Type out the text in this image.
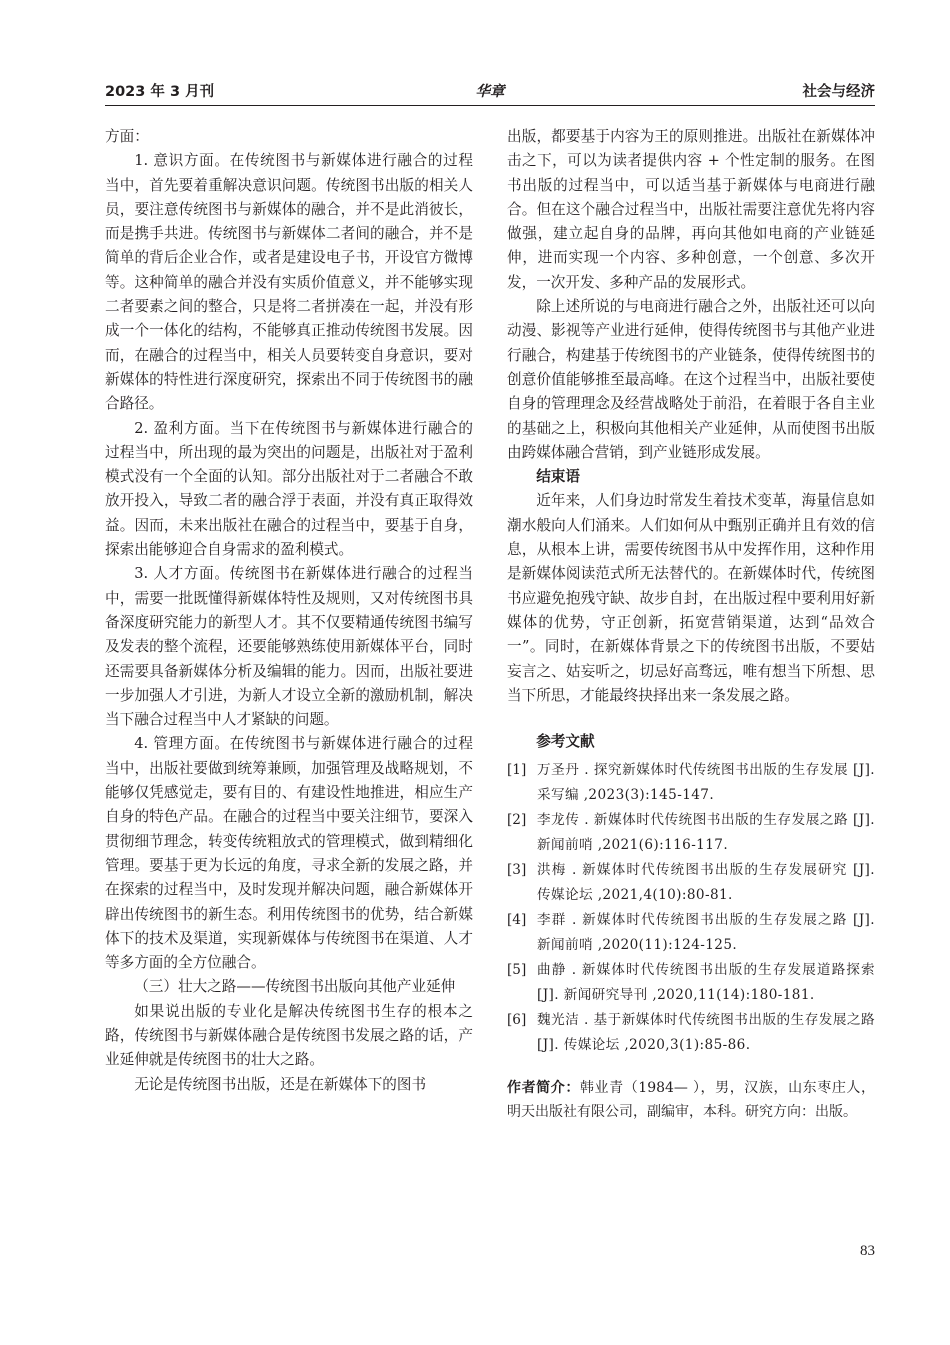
2023 年 3 月刊	华章	社会与经济

方面：

1. 意识方面。在传统图书与新媒体进行融合的过程当中，首先要着重解决意识问题。传统图书出版的相关人员，要注意传统图书与新媒体的融合，并不是此消彼长，而是携手共进。传统图书与新媒体二者间的融合，并不是简单的背后企业合作，或者是建设电子书，开设官方微博等。这种简单的融合并没有实质价值意义，并不能够实现二者要素之间的整合，只是将二者拼凑在一起，并没有形成一个一体化的结构，不能够真正推动传统图书发展。因而，在融合的过程当中，相关人员要转变自身意识，要对新媒体的特性进行深度研究，探索出不同于传统图书的融合路径。

2. 盈利方面。当下在传统图书与新媒体进行融合的过程当中，所出现的最为突出的问题是，出版社对于盈利模式没有一个全面的认知。部分出版社对于二者融合不敢放开投入，导致二者的融合浮于表面，并没有真正取得效益。因而，未来出版社在融合的过程当中，要基于自身，探索出能够迎合自身需求的盈利模式。

3. 人才方面。传统图书在新媒体进行融合的过程当中，需要一批既懂得新媒体特性及规则，又对传统图书具备深度研究能力的新型人才。其不仅要精通传统图书编写及发表的整个流程，还要能够熟练使用新媒体平台，同时还需要具备新媒体分析及编辑的能力。因而，出版社要进一步加强人才引进，为新人才设立全新的激励机制，解决当下融合过程当中人才紧缺的问题。

4. 管理方面。在传统图书与新媒体进行融合的过程当中，出版社要做到统筹兼顾，加强管理及战略规划，不能够仅凭感觉走，要有目的、有建设性地推进，相应生产自身的特色产品。在融合的过程当中要关注细节，要深入贯彻细节理念，转变传统粗放式的管理模式，做到精细化管理。要基于更为长远的角度，寻求全新的发展之路，并在探索的过程当中，及时发现并解决问题，融合新媒体开辟出传统图书的新生态。利用传统图书的优势，结合新媒体下的技术及渠道，实现新媒体与传统图书在渠道、人才等多方面的全方位融合。

（三）壮大之路——传统图书出版向其他产业延伸

如果说出版的专业化是解决传统图书生存的根本之路，传统图书与新媒体融合是传统图书发展之路的话，产业延伸就是传统图书的壮大之路。

无论是传统图书出版，还是在新媒体下的图书

出版，都要基于内容为王的原则推进。出版社在新媒体冲击之下，可以为读者提供内容 + 个性定制的服务。在图书出版的过程当中，可以适当基于新媒体与电商进行融合。但在这个融合过程当中，出版社需要注意优先将内容做强，建立起自身的品牌，再向其他如电商的产业链延伸，进而实现一个内容、多种创意，一个创意、多次开发，一次开发、多种产品的发展形式。

除上述所说的与电商进行融合之外，出版社还可以向动漫、影视等产业进行延伸，使得传统图书与其他产业进行融合，构建基于传统图书的产业链条，使得传统图书的创意价值能够推至最高峰。在这个过程当中，出版社要使自身的管理理念及经营战略处于前沿，在着眼于各自主业的基础之上，积极向其他相关产业延伸，从而使图书出版由跨媒体融合营销，到产业链形成发展。

结束语

近年来，人们身边时常发生着技术变革，海量信息如潮水般向人们涌来。人们如何从中甄别正确并且有效的信息，从根本上讲，需要传统图书从中发挥作用，这种作用是新媒体阅读范式所无法替代的。在新媒体时代，传统图书应避免抱残守缺、故步自封，在出版过程中要利用好新媒体的优势，守正创新，拓宽营销渠道，达到“品效合一”。同时，在新媒体背景之下的传统图书出版，不要姑妄言之、姑妄听之，切忌好高骛远，唯有想当下所想、思当下所思，才能最终抉择出来一条发展之路。

参考文献

[1] 万圣丹 . 探究新媒体时代传统图书出版的生存发展 [J]. 采写编 ,2023(3):145-147.
[2] 李龙传 . 新媒体时代传统图书出版的生存发展之路 [J]. 新闻前哨 ,2021(6):116-117.
[3] 洪梅 . 新媒体时代传统图书出版的生存发展研究 [J]. 传媒论坛 ,2021,4(10):80-81.
[4] 李群 . 新媒体时代传统图书出版的生存发展之路 [J]. 新闻前哨 ,2020(11):124-125.
[5] 曲静 . 新媒体时代传统图书出版的生存发展道路探索 [J]. 新闻研究导刊 ,2020,11(14):180-181.
[6] 魏光洁 . 基于新媒体时代传统图书出版的生存发展之路 [J]. 传媒论坛 ,2020,3(1):85-86.

作者简介：韩业青（1984— ），男，汉族，山东枣庄人，明天出版社有限公司，副编审，本科。研究方向：出版。

83
